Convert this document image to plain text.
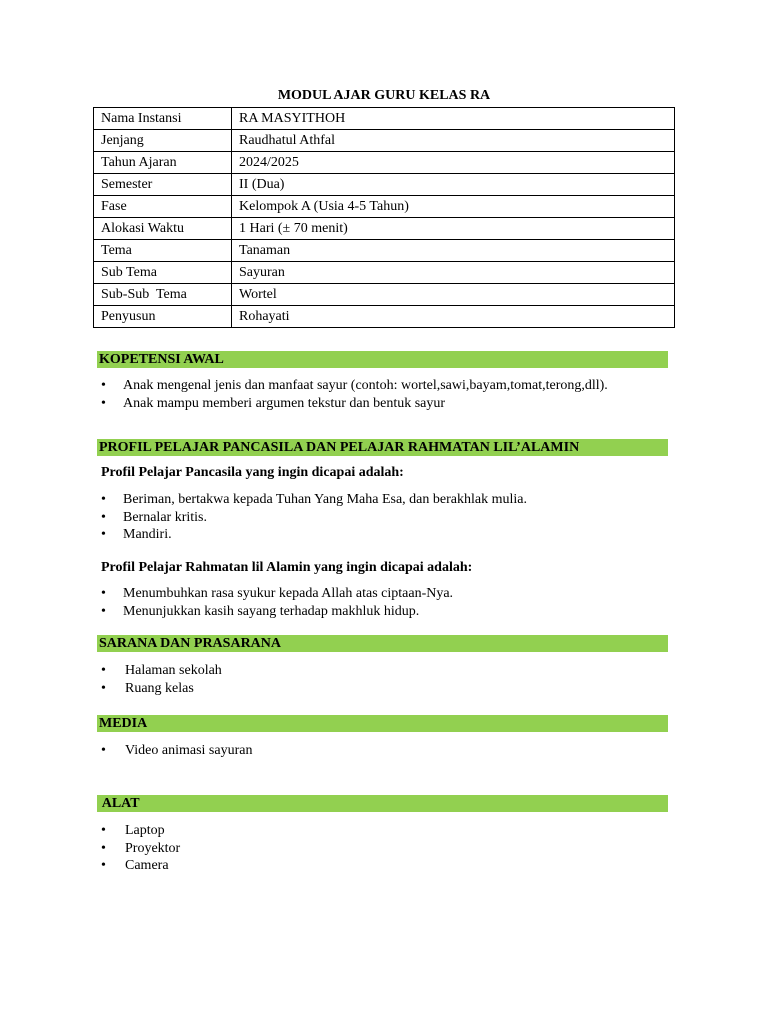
MODUL AJAR GURU KELAS RA
Nama Instansi	RA MASYITHOH
Jenjang	Raudhatul Athfal
Tahun Ajaran	2024/2025
Semester	II (Dua)
Fase	Kelompok A (Usia 4-5 Tahun)
Alokasi Waktu	1 Hari (± 70 menit)
Tema	Tanaman
Sub Tema	Sayuran
Sub-Sub  Tema	Wortel
Penyusun	Rohayati
KOPETENSI AWAL
• Anak mengenal jenis dan manfaat sayur (contoh: wortel,sawi,bayam,tomat,terong,dll).
• Anak mampu memberi argumen tekstur dan bentuk sayur
PROFIL PELAJAR PANCASILA DAN PELAJAR RAHMATAN LIL’ALAMIN
Profil Pelajar Pancasila yang ingin dicapai adalah:
• Beriman, bertakwa kepada Tuhan Yang Maha Esa, dan berakhlak mulia.
• Bernalar kritis.
• Mandiri.
Profil Pelajar Rahmatan lil Alamin yang ingin dicapai adalah:
• Menumbuhkan rasa syukur kepada Allah atas ciptaan-Nya.
• Menunjukkan kasih sayang terhadap makhluk hidup.
SARANA DAN PRASARANA
• Halaman sekolah
• Ruang kelas
MEDIA
• Video animasi sayuran
ALAT
• Laptop
• Proyektor
• Camera
